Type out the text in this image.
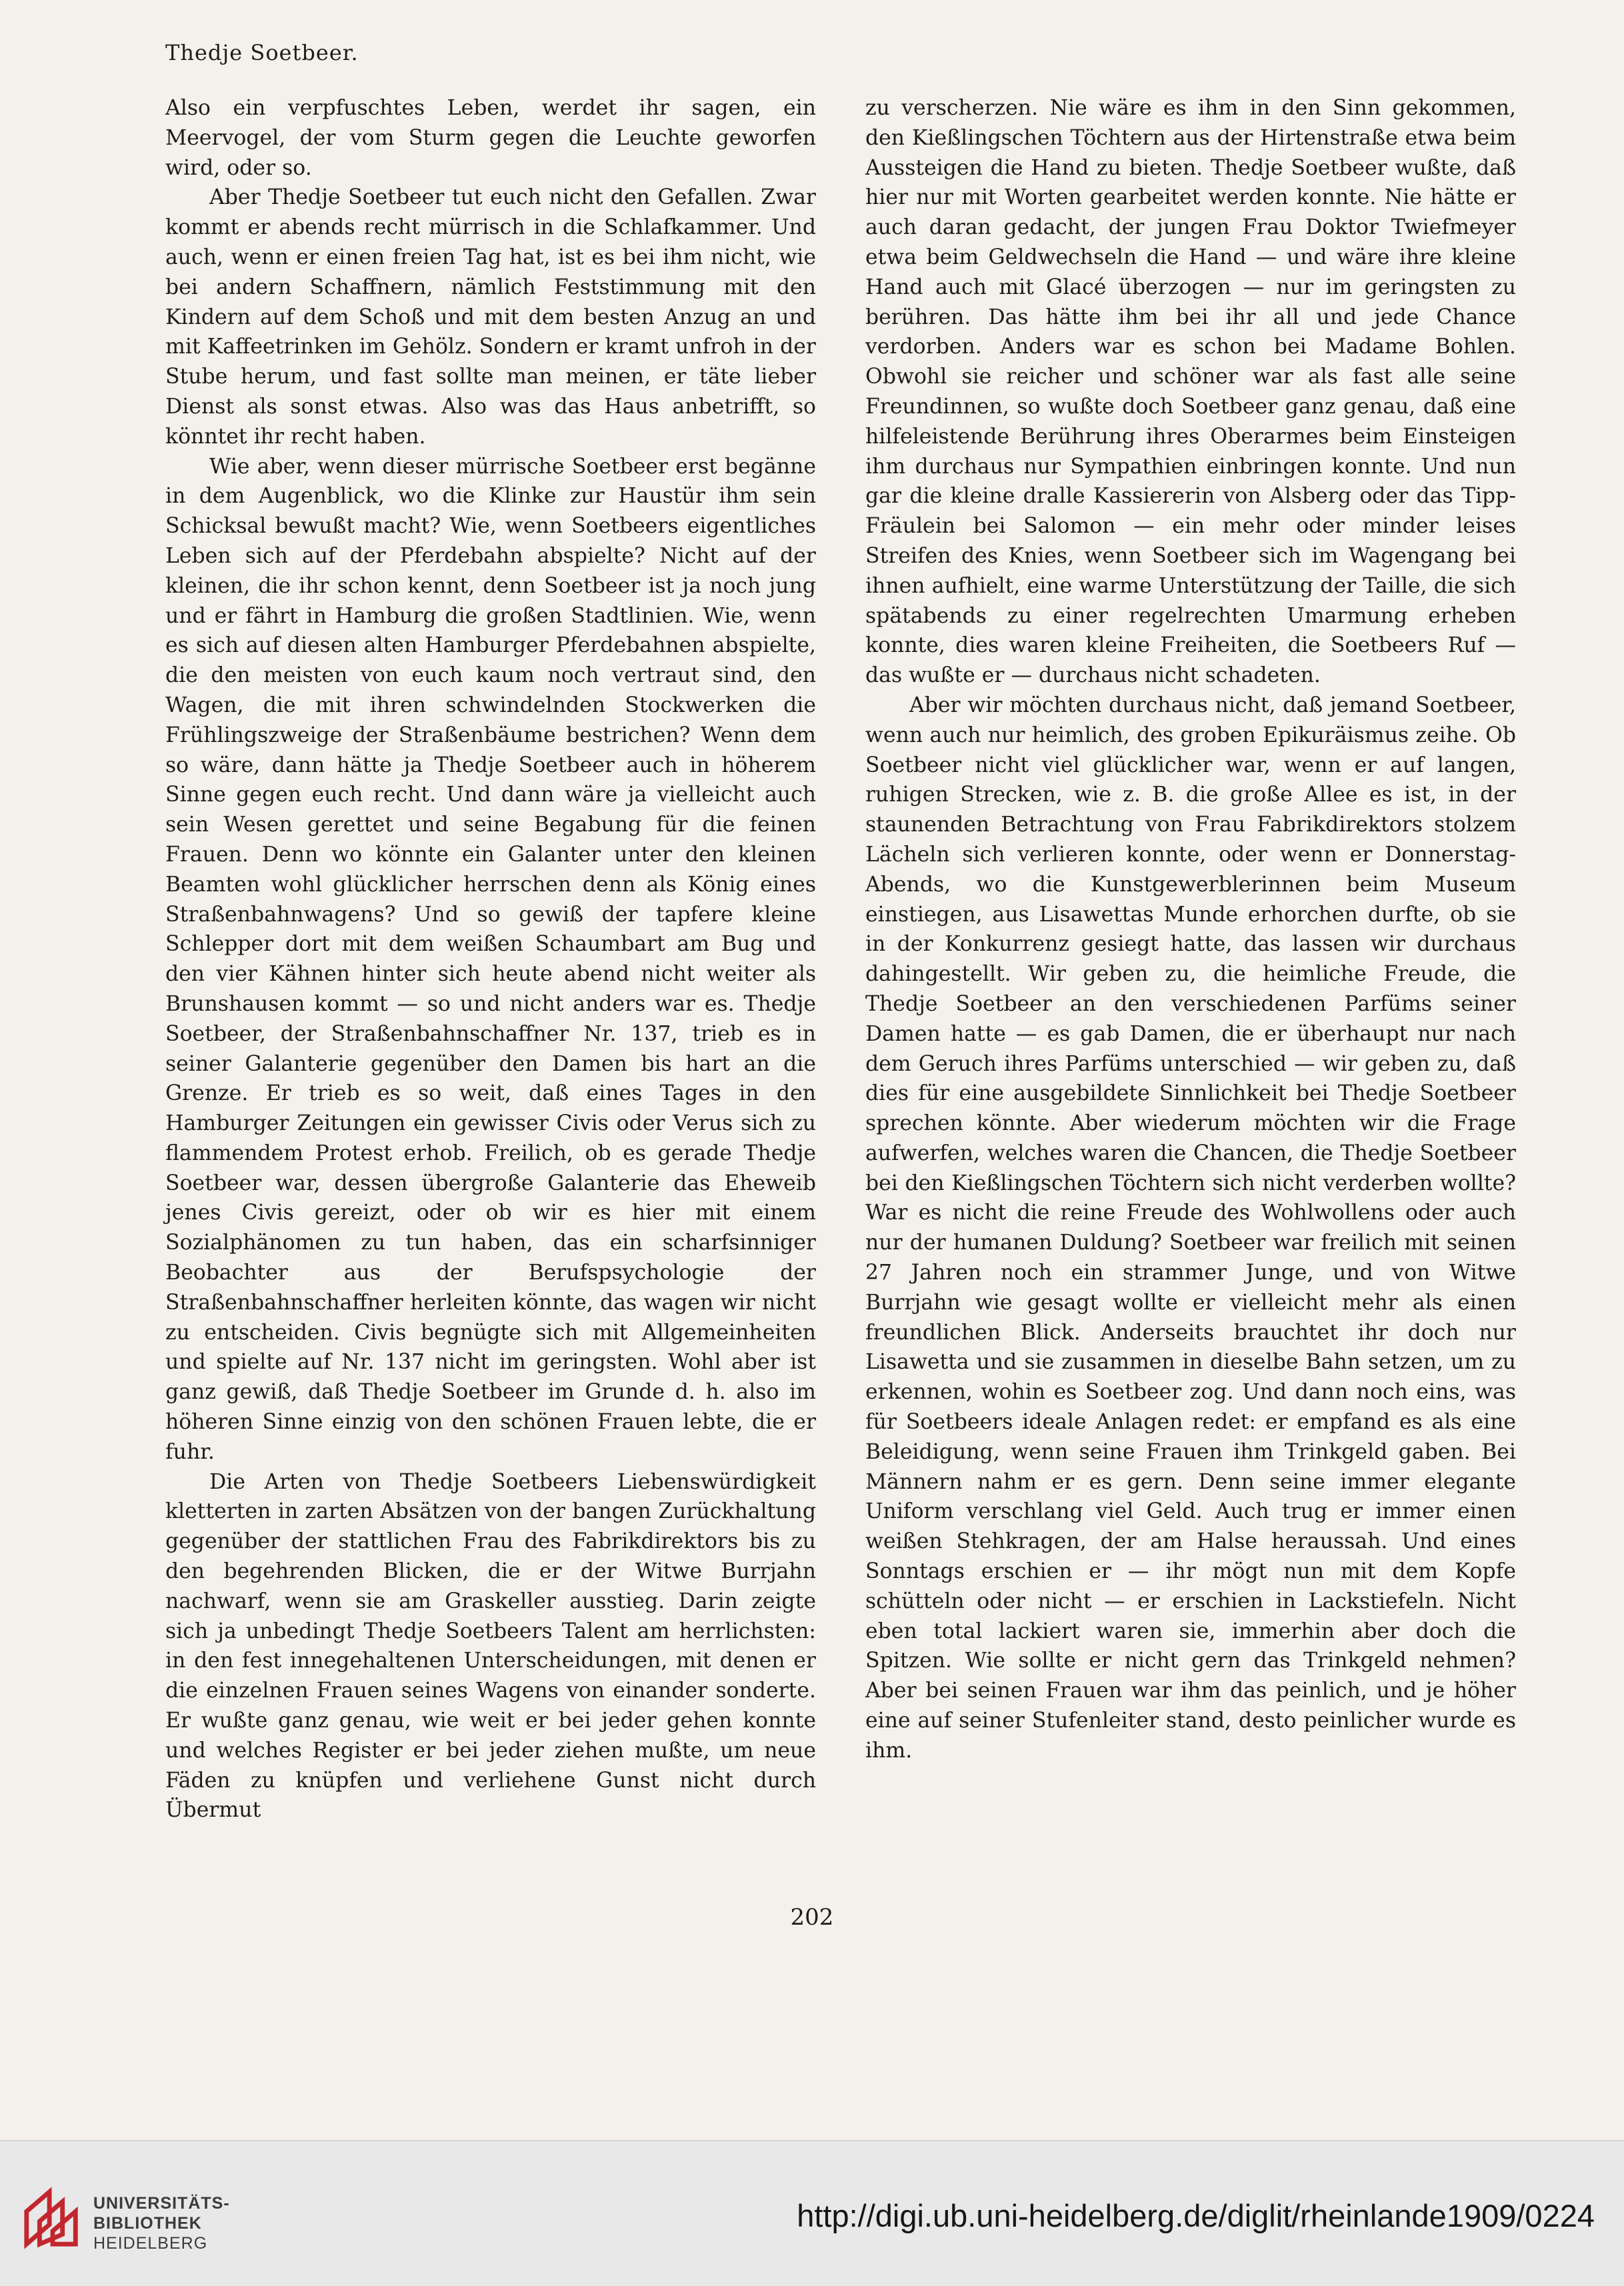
Thedje Soetbeer.

Also ein verpfuschtes Leben, werdet ihr sagen, ein Meervogel, der vom Sturm gegen die Leuchte geworfen wird, oder so.

Aber Thedje Soetbeer tut euch nicht den Gefallen. Zwar kommt er abends recht mürrisch in die Schlafkammer. Und auch, wenn er einen freien Tag hat, ist es bei ihm nicht, wie bei andern Schaffnern, nämlich Feststimmung mit den Kindern auf dem Schoß und mit dem besten Anzug an und mit Kaffeetrinken im Gehölz. Sondern er kramt unfroh in der Stube herum, und fast sollte man meinen, er täte lieber Dienst als sonst etwas. Also was das Haus anbetrifft, so könntet ihr recht haben.

Wie aber, wenn dieser mürrische Soetbeer erst begänne in dem Augenblick, wo die Klinke zur Haustür ihm sein Schicksal bewußt macht? Wie, wenn Soetbeers eigentliches Leben sich auf der Pferdebahn abspielte? Nicht auf der kleinen, die ihr schon kennt, denn Soetbeer ist ja noch jung und er fährt in Hamburg die großen Stadtlinien. Wie, wenn es sich auf diesen alten Hamburger Pferdebahnen abspielte, die den meisten von euch kaum noch vertraut sind, den Wagen, die mit ihren schwindelnden Stockwerken die Frühlingszweige der Straßenbäume bestrichen? Wenn dem so wäre, dann hätte ja Thedje Soetbeer auch in höherem Sinne gegen euch recht. Und dann wäre ja vielleicht auch sein Wesen gerettet und seine Begabung für die feinen Frauen. Denn wo könnte ein Galanter unter den kleinen Beamten wohl glücklicher herrschen denn als König eines Straßenbahnwagens? Und so gewiß der tapfere kleine Schlepper dort mit dem weißen Schaumbart am Bug und den vier Kähnen hinter sich heute abend nicht weiter als Brunshausen kommt — so und nicht anders war es. Thedje Soetbeer, der Straßenbahnschaffner Nr. 137, trieb es in seiner Galanterie gegenüber den Damen bis hart an die Grenze. Er trieb es so weit, daß eines Tages in den Hamburger Zeitungen ein gewisser Civis oder Verus sich zu flammendem Protest erhob. Freilich, ob es gerade Thedje Soetbeer war, dessen übergroße Galanterie das Eheweib jenes Civis gereizt, oder ob wir es hier mit einem Sozialphänomen zu tun haben, das ein scharfsinniger Beobachter aus der Berufspsychologie der Straßenbahnschaffner herleiten könnte, das wagen wir nicht zu entscheiden. Civis begnügte sich mit Allgemeinheiten und spielte auf Nr. 137 nicht im geringsten. Wohl aber ist ganz gewiß, daß Thedje Soetbeer im Grunde d. h. also im höheren Sinne einzig von den schönen Frauen lebte, die er fuhr.

Die Arten von Thedje Soetbeers Liebenswürdigkeit kletterten in zarten Absätzen von der bangen Zurückhaltung gegenüber der stattlichen Frau des Fabrikdirektors bis zu den begehrenden Blicken, die er der Witwe Burrjahn nachwarf, wenn sie am Graskeller ausstieg. Darin zeigte sich ja unbedingt Thedje Soetbeers Talent am herrlichsten: in den fest innegehaltenen Unterscheidungen, mit denen er die einzelnen Frauen seines Wagens von einander sonderte. Er wußte ganz genau, wie weit er bei jeder gehen konnte und welches Register er bei jeder ziehen mußte, um neue Fäden zu knüpfen und verliehene Gunst nicht durch Übermut

zu verscherzen. Nie wäre es ihm in den Sinn gekommen, den Kießlingschen Töchtern aus der Hirtenstraße etwa beim Aussteigen die Hand zu bieten. Thedje Soetbeer wußte, daß hier nur mit Worten gearbeitet werden konnte. Nie hätte er auch daran gedacht, der jungen Frau Doktor Twiefmeyer etwa beim Geldwechseln die Hand — und wäre ihre kleine Hand auch mit Glacé überzogen — nur im geringsten zu berühren. Das hätte ihm bei ihr all und jede Chance verdorben. Anders war es schon bei Madame Bohlen. Obwohl sie reicher und schöner war als fast alle seine Freundinnen, so wußte doch Soetbeer ganz genau, daß eine hilfeleistende Berührung ihres Oberarmes beim Einsteigen ihm durchaus nur Sympathien einbringen konnte. Und nun gar die kleine dralle Kassiererin von Alsberg oder das Tipp-Fräulein bei Salomon — ein mehr oder minder leises Streifen des Knies, wenn Soetbeer sich im Wagengang bei ihnen aufhielt, eine warme Unterstützung der Taille, die sich spätabends zu einer regelrechten Umarmung erheben konnte, dies waren kleine Freiheiten, die Soetbeers Ruf — das wußte er — durchaus nicht schadeten.

Aber wir möchten durchaus nicht, daß jemand Soetbeer, wenn auch nur heimlich, des groben Epikuräismus zeihe. Ob Soetbeer nicht viel glücklicher war, wenn er auf langen, ruhigen Strecken, wie z. B. die große Allee es ist, in der staunenden Betrachtung von Frau Fabrikdirektors stolzem Lächeln sich verlieren konnte, oder wenn er Donnerstag-Abends, wo die Kunstgewerblerinnen beim Museum einstiegen, aus Lisawettas Munde erhorchen durfte, ob sie in der Konkurrenz gesiegt hatte, das lassen wir durchaus dahingestellt. Wir geben zu, die heimliche Freude, die Thedje Soetbeer an den verschiedenen Parfüms seiner Damen hatte — es gab Damen, die er überhaupt nur nach dem Geruch ihres Parfüms unterschied — wir geben zu, daß dies für eine ausgebildete Sinnlichkeit bei Thedje Soetbeer sprechen könnte. Aber wiederum möchten wir die Frage aufwerfen, welches waren die Chancen, die Thedje Soetbeer bei den Kießlingschen Töchtern sich nicht verderben wollte? War es nicht die reine Freude des Wohlwollens oder auch nur der humanen Duldung? Soetbeer war freilich mit seinen 27 Jahren noch ein strammer Junge, und von Witwe Burrjahn wie gesagt wollte er vielleicht mehr als einen freundlichen Blick. Anderseits brauchtet ihr doch nur Lisawetta und sie zusammen in dieselbe Bahn setzen, um zu erkennen, wohin es Soetbeer zog. Und dann noch eins, was für Soetbeers ideale Anlagen redet: er empfand es als eine Beleidigung, wenn seine Frauen ihm Trinkgeld gaben. Bei Männern nahm er es gern. Denn seine immer elegante Uniform verschlang viel Geld. Auch trug er immer einen weißen Stehkragen, der am Halse heraussah. Und eines Sonntags erschien er — ihr mögt nun mit dem Kopfe schütteln oder nicht — er erschien in Lackstiefeln. Nicht eben total lackiert waren sie, immerhin aber doch die Spitzen. Wie sollte er nicht gern das Trinkgeld nehmen? Aber bei seinen Frauen war ihm das peinlich, und je höher eine auf seiner Stufenleiter stand, desto peinlicher wurde es ihm.

202
UNIVERSITÄTS-
BIBLIOTHEK
HEIDELBERG
http://digi.ub.uni-heidelberg.de/diglit/rheinlande1909/0224
